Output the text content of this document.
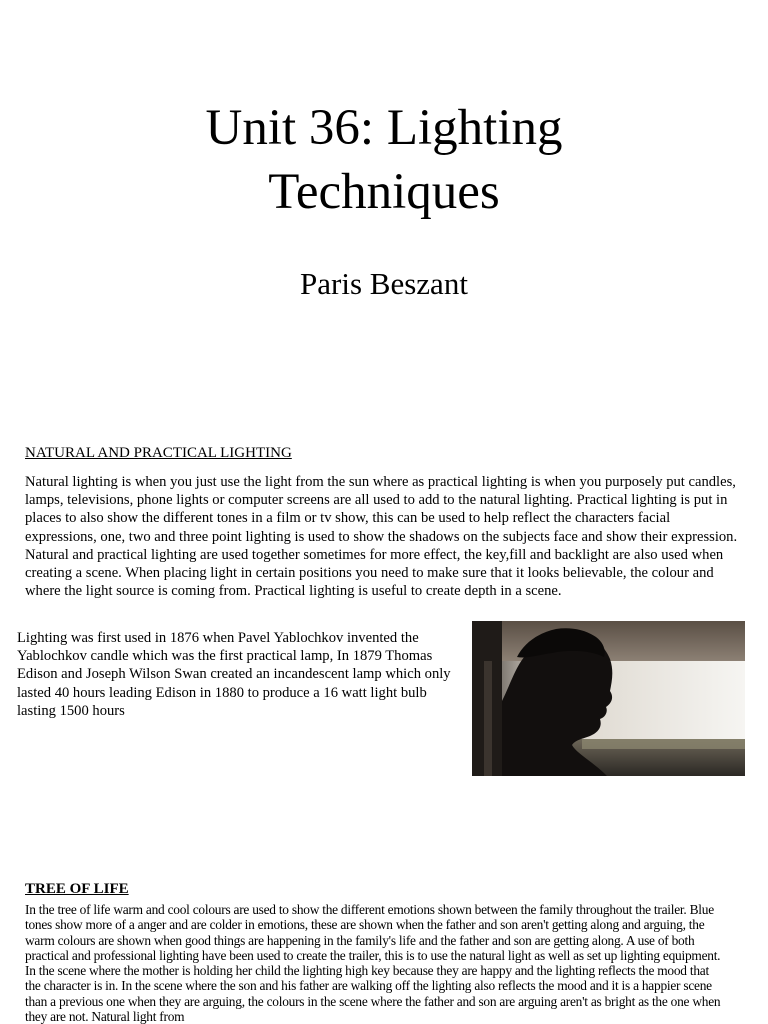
Unit 36: Lighting
Techniques
Paris Beszant
NATURAL AND PRACTICAL LIGHTING

Natural lighting is when you just use the light from the sun where as practical lighting is when you purposely put candles, lamps, televisions, phone lights or computer screens are all used to add to the natural lighting. Practical lighting is put in places to also show the different tones in a film or tv show, this can be used to help reflect the characters facial expressions, one, two and three point lighting is used to show the shadows on the subjects face and show their expression. Natural and practical lighting are used together sometimes for more effect, the key,fill and backlight are also used when creating a scene. When placing light in certain positions you need to make sure that it looks believable, the colour and where the light source is coming from. Practical lighting is useful to create depth in a scene.

Lighting was first used in 1876 when Pavel Yablochkov invented the Yablochkov candle which was the first practical lamp, In 1879 Thomas Edison and Joseph Wilson Swan created an incandescent lamp which only lasted 40 hours leading Edison in 1880 to produce a 16 watt light bulb lasting 1500 hours

TREE OF LIFE

In the tree of life warm and cool colours are used to show the different emotions shown between the family throughout the trailer. Blue tones show more of a anger and are colder in emotions, these are shown when the father and son aren't getting along and arguing, the warm colours are shown when good things are happening in the family's life and the father and son are getting along. A use of both practical and professional lighting have been used to create the trailer, this is to use the natural light as well as set up lighting equipment. In the scene where the mother is holding her child the lighting high key because they are happy and the lighting reflects the mood that the character is in. In the scene where the son and his father are walking off the lighting also reflects the mood and it is a happier scene than a previous one when they are arguing, the colours in the scene where the father and son are arguing aren't as bright as the one when they are not. Natural light from
